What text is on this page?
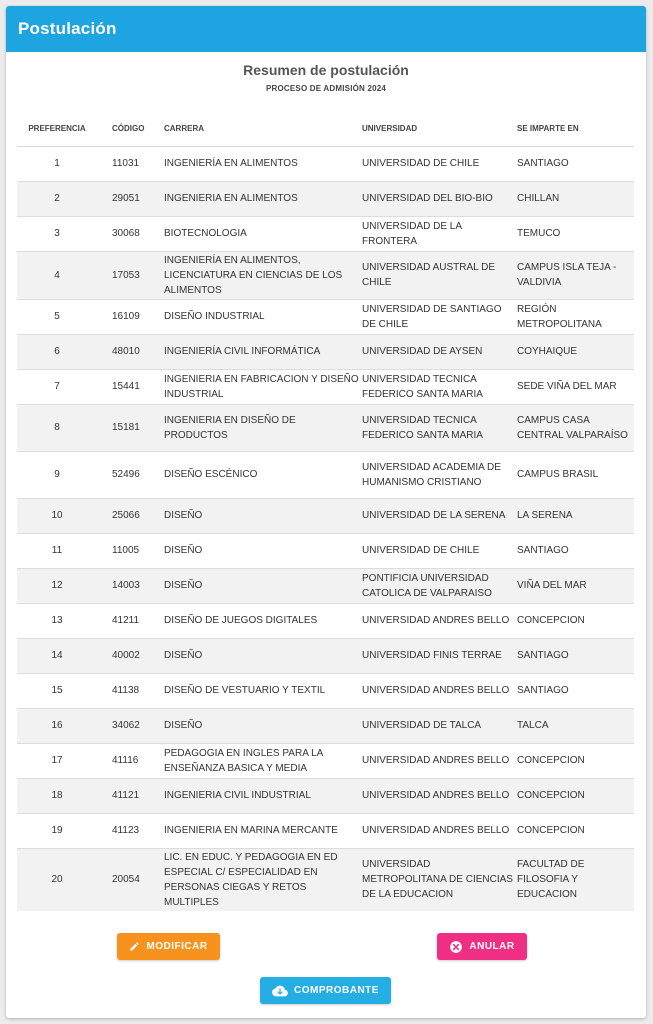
Postulación
Resumen de postulación
PROCESO DE ADMISIÓN 2024
PREFERENCIA	CÓDIGO	CARRERA	UNIVERSIDAD	SE IMPARTE EN
1	11031	INGENIERÍA EN ALIMENTOS	UNIVERSIDAD DE CHILE	SANTIAGO
2	29051	INGENIERIA EN ALIMENTOS	UNIVERSIDAD DEL BIO-BIO	CHILLAN
3	30068	BIOTECNOLOGIA	UNIVERSIDAD DE LA FRONTERA	TEMUCO
4	17053	INGENIERÍA EN ALIMENTOS, LICENCIATURA EN CIENCIAS DE LOS ALIMENTOS	UNIVERSIDAD AUSTRAL DE CHILE	CAMPUS ISLA TEJA - VALDIVIA
5	16109	DISEÑO INDUSTRIAL	UNIVERSIDAD DE SANTIAGO DE CHILE	REGIÓN METROPOLITANA
6	48010	INGENIERÍA CIVIL INFORMÁTICA	UNIVERSIDAD DE AYSEN	COYHAIQUE
7	15441	INGENIERIA EN FABRICACION Y DISEÑO INDUSTRIAL	UNIVERSIDAD TECNICA FEDERICO SANTA MARIA	SEDE VIÑA DEL MAR
8	15181	INGENIERIA EN DISEÑO DE PRODUCTOS	UNIVERSIDAD TECNICA FEDERICO SANTA MARIA	CAMPUS CASA CENTRAL VALPARAÍSO
9	52496	DISEÑO ESCÉNICO	UNIVERSIDAD ACADEMIA DE HUMANISMO CRISTIANO	CAMPUS BRASIL
10	25066	DISEÑO	UNIVERSIDAD DE LA SERENA	LA SERENA
11	11005	DISEÑO	UNIVERSIDAD DE CHILE	SANTIAGO
12	14003	DISEÑO	PONTIFICIA UNIVERSIDAD CATOLICA DE VALPARAISO	VIÑA DEL MAR
13	41211	DISEÑO DE JUEGOS DIGITALES	UNIVERSIDAD ANDRES BELLO	CONCEPCION
14	40002	DISEÑO	UNIVERSIDAD FINIS TERRAE	SANTIAGO
15	41138	DISEÑO DE VESTUARIO Y TEXTIL	UNIVERSIDAD ANDRES BELLO	SANTIAGO
16	34062	DISEÑO	UNIVERSIDAD DE TALCA	TALCA
17	41116	PEDAGOGIA EN INGLES PARA LA ENSEÑANZA BASICA Y MEDIA	UNIVERSIDAD ANDRES BELLO	CONCEPCION
18	41121	INGENIERIA CIVIL INDUSTRIAL	UNIVERSIDAD ANDRES BELLO	CONCEPCION
19	41123	INGENIERIA EN MARINA MERCANTE	UNIVERSIDAD ANDRES BELLO	CONCEPCION
20	20054	LIC. EN EDUC. Y PEDAGOGIA EN ED ESPECIAL C/ ESPECIALIDAD EN PERSONAS CIEGAS Y RETOS MULTIPLES	UNIVERSIDAD METROPOLITANA DE CIENCIAS DE LA EDUCACION	FACULTAD DE FILOSOFIA Y EDUCACION
MODIFICAR	ANULAR
COMPROBANTE
